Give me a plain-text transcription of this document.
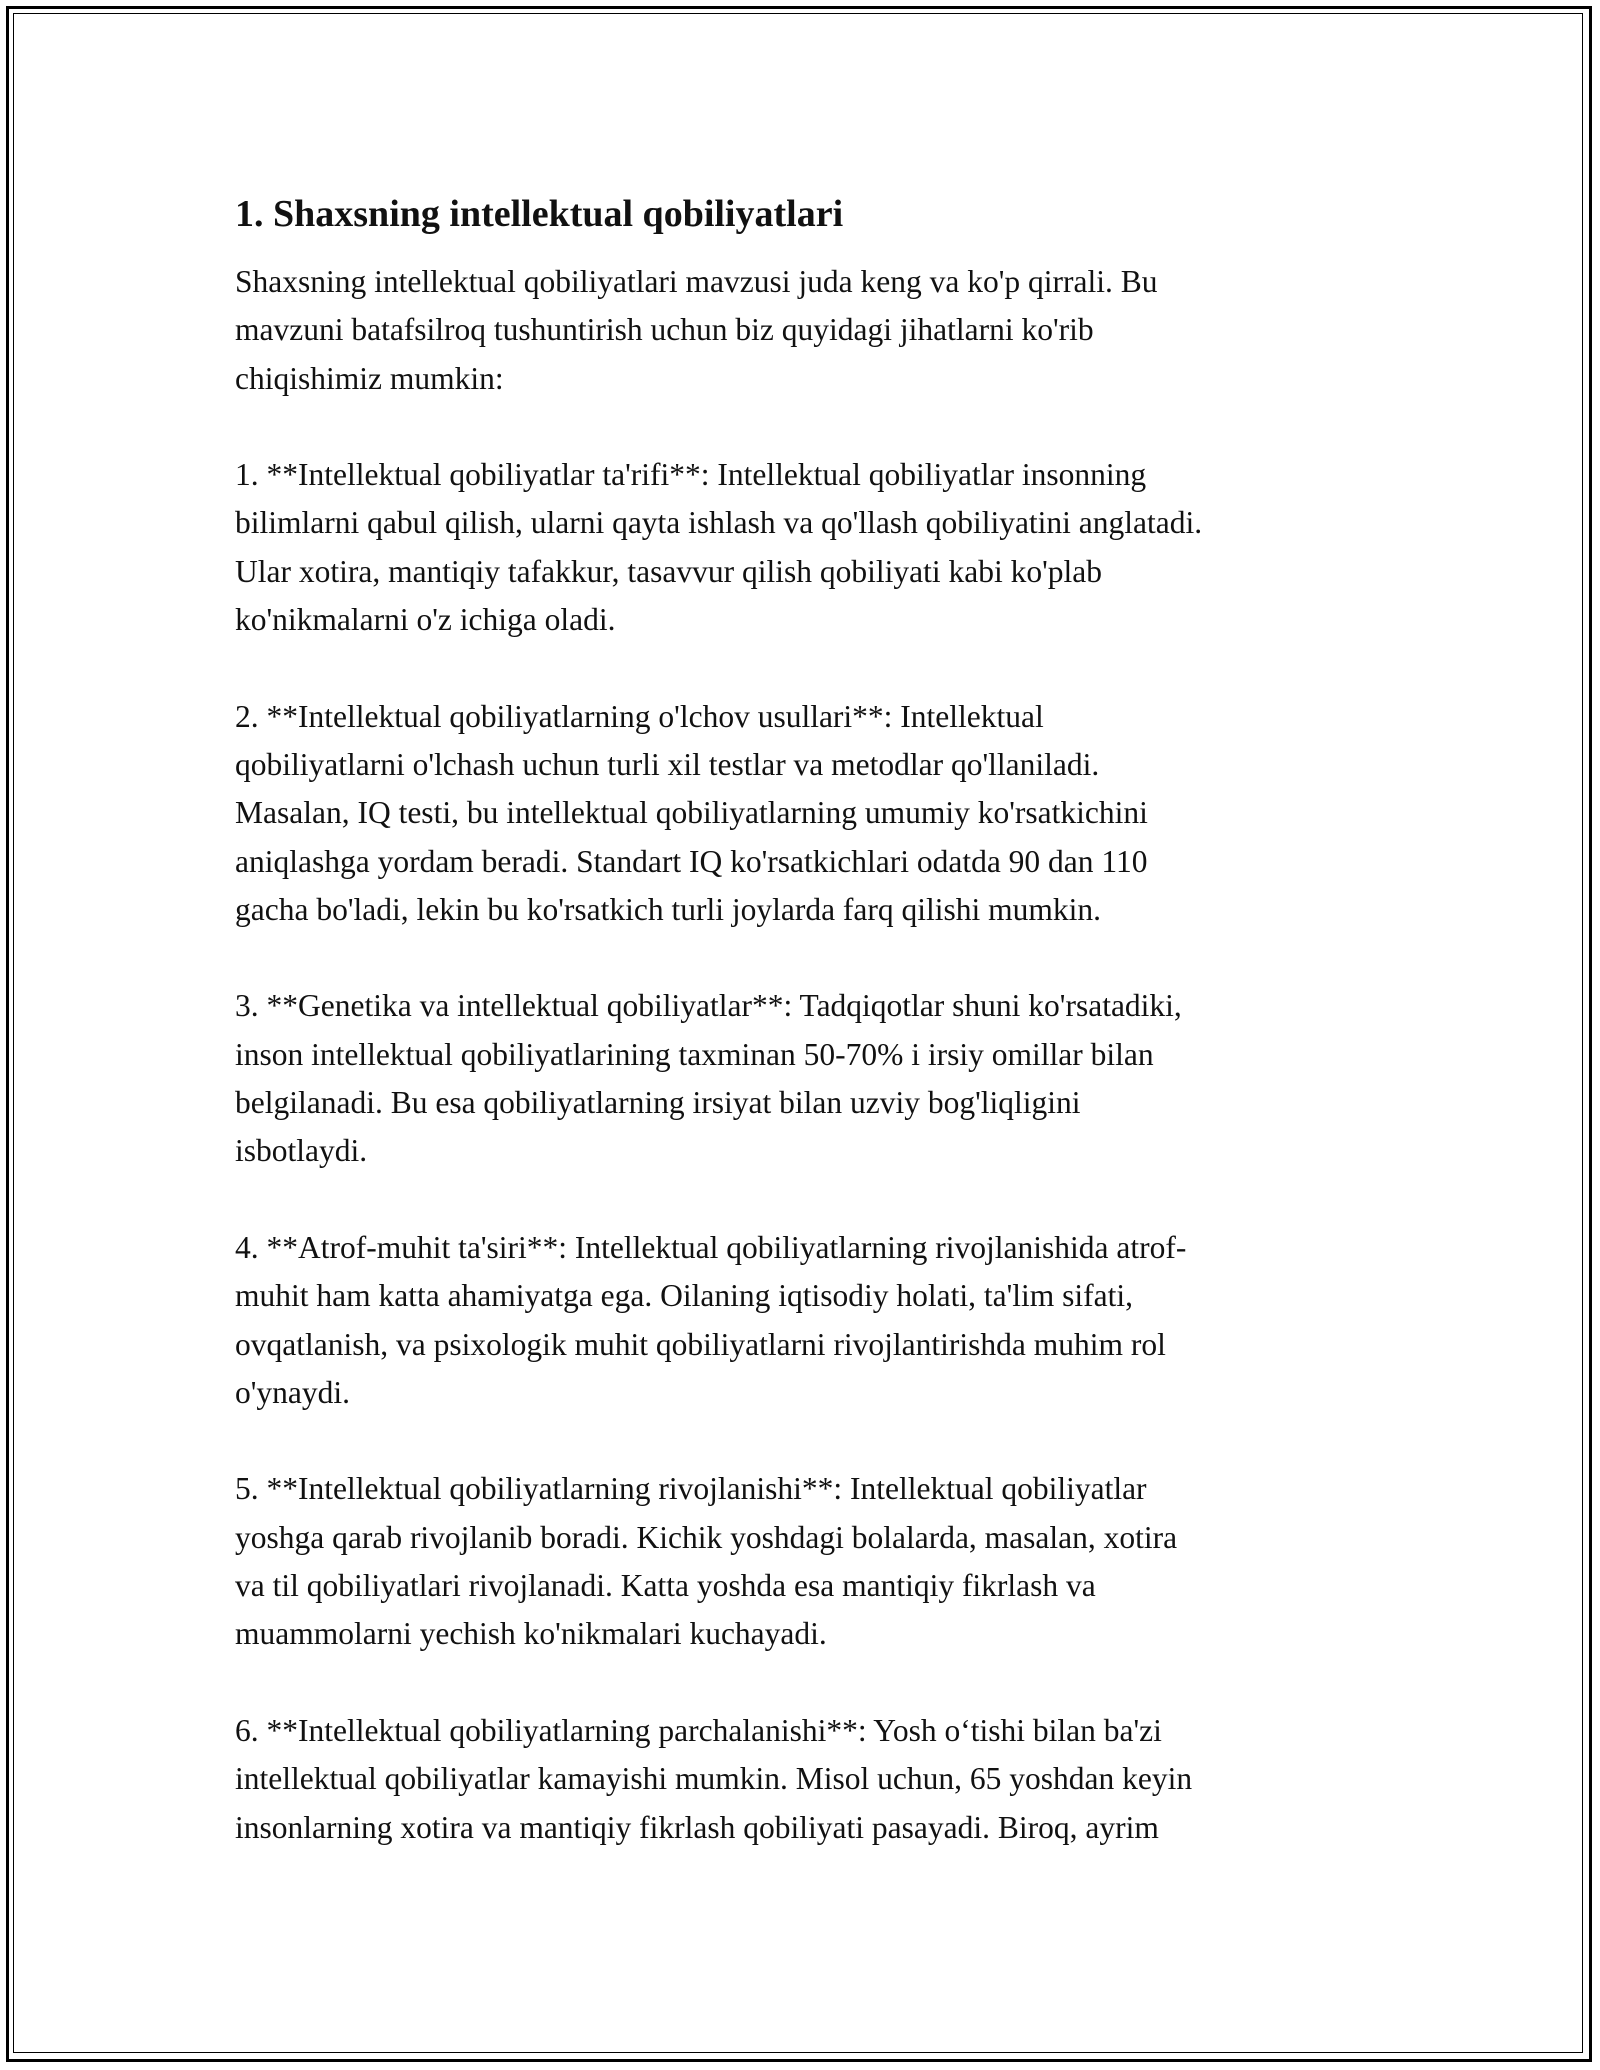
1. Shaxsning intellektual qobiliyatlari

Shaxsning intellektual qobiliyatlari mavzusi juda keng va ko'p qirrali. Bu
mavzuni batafsilroq tushuntirish uchun biz quyidagi jihatlarni ko'rib
chiqishimiz mumkin:

1. **Intellektual qobiliyatlar ta'rifi**: Intellektual qobiliyatlar insonning
bilimlarni qabul qilish, ularni qayta ishlash va qo'llash qobiliyatini anglatadi.
Ular xotira, mantiqiy tafakkur, tasavvur qilish qobiliyati kabi ko'plab
ko'nikmalarni o'z ichiga oladi.

2. **Intellektual qobiliyatlarning o'lchov usullari**: Intellektual
qobiliyatlarni o'lchash uchun turli xil testlar va metodlar qo'llaniladi.
Masalan, IQ testi, bu intellektual qobiliyatlarning umumiy ko'rsatkichini
aniqlashga yordam beradi. Standart IQ ko'rsatkichlari odatda 90 dan 110
gacha bo'ladi, lekin bu ko'rsatkich turli joylarda farq qilishi mumkin.

3. **Genetika va intellektual qobiliyatlar**: Tadqiqotlar shuni ko'rsatadiki,
inson intellektual qobiliyatlarining taxminan 50-70% i irsiy omillar bilan
belgilanadi. Bu esa qobiliyatlarning irsiyat bilan uzviy bog'liqligini
isbotlaydi.

4. **Atrof-muhit ta'siri**: Intellektual qobiliyatlarning rivojlanishida atrof-
muhit ham katta ahamiyatga ega. Oilaning iqtisodiy holati, ta'lim sifati,
ovqatlanish, va psixologik muhit qobiliyatlarni rivojlantirishda muhim rol
o'ynaydi.

5. **Intellektual qobiliyatlarning rivojlanishi**: Intellektual qobiliyatlar
yoshga qarab rivojlanib boradi. Kichik yoshdagi bolalarda, masalan, xotira
va til qobiliyatlari rivojlanadi. Katta yoshda esa mantiqiy fikrlash va
muammolarni yechish ko'nikmalari kuchayadi.

6. **Intellektual qobiliyatlarning parchalanishi**: Yosh o‘tishi bilan ba'zi
intellektual qobiliyatlar kamayishi mumkin. Misol uchun, 65 yoshdan keyin
insonlarning xotira va mantiqiy fikrlash qobiliyati pasayadi. Biroq, ayrim
